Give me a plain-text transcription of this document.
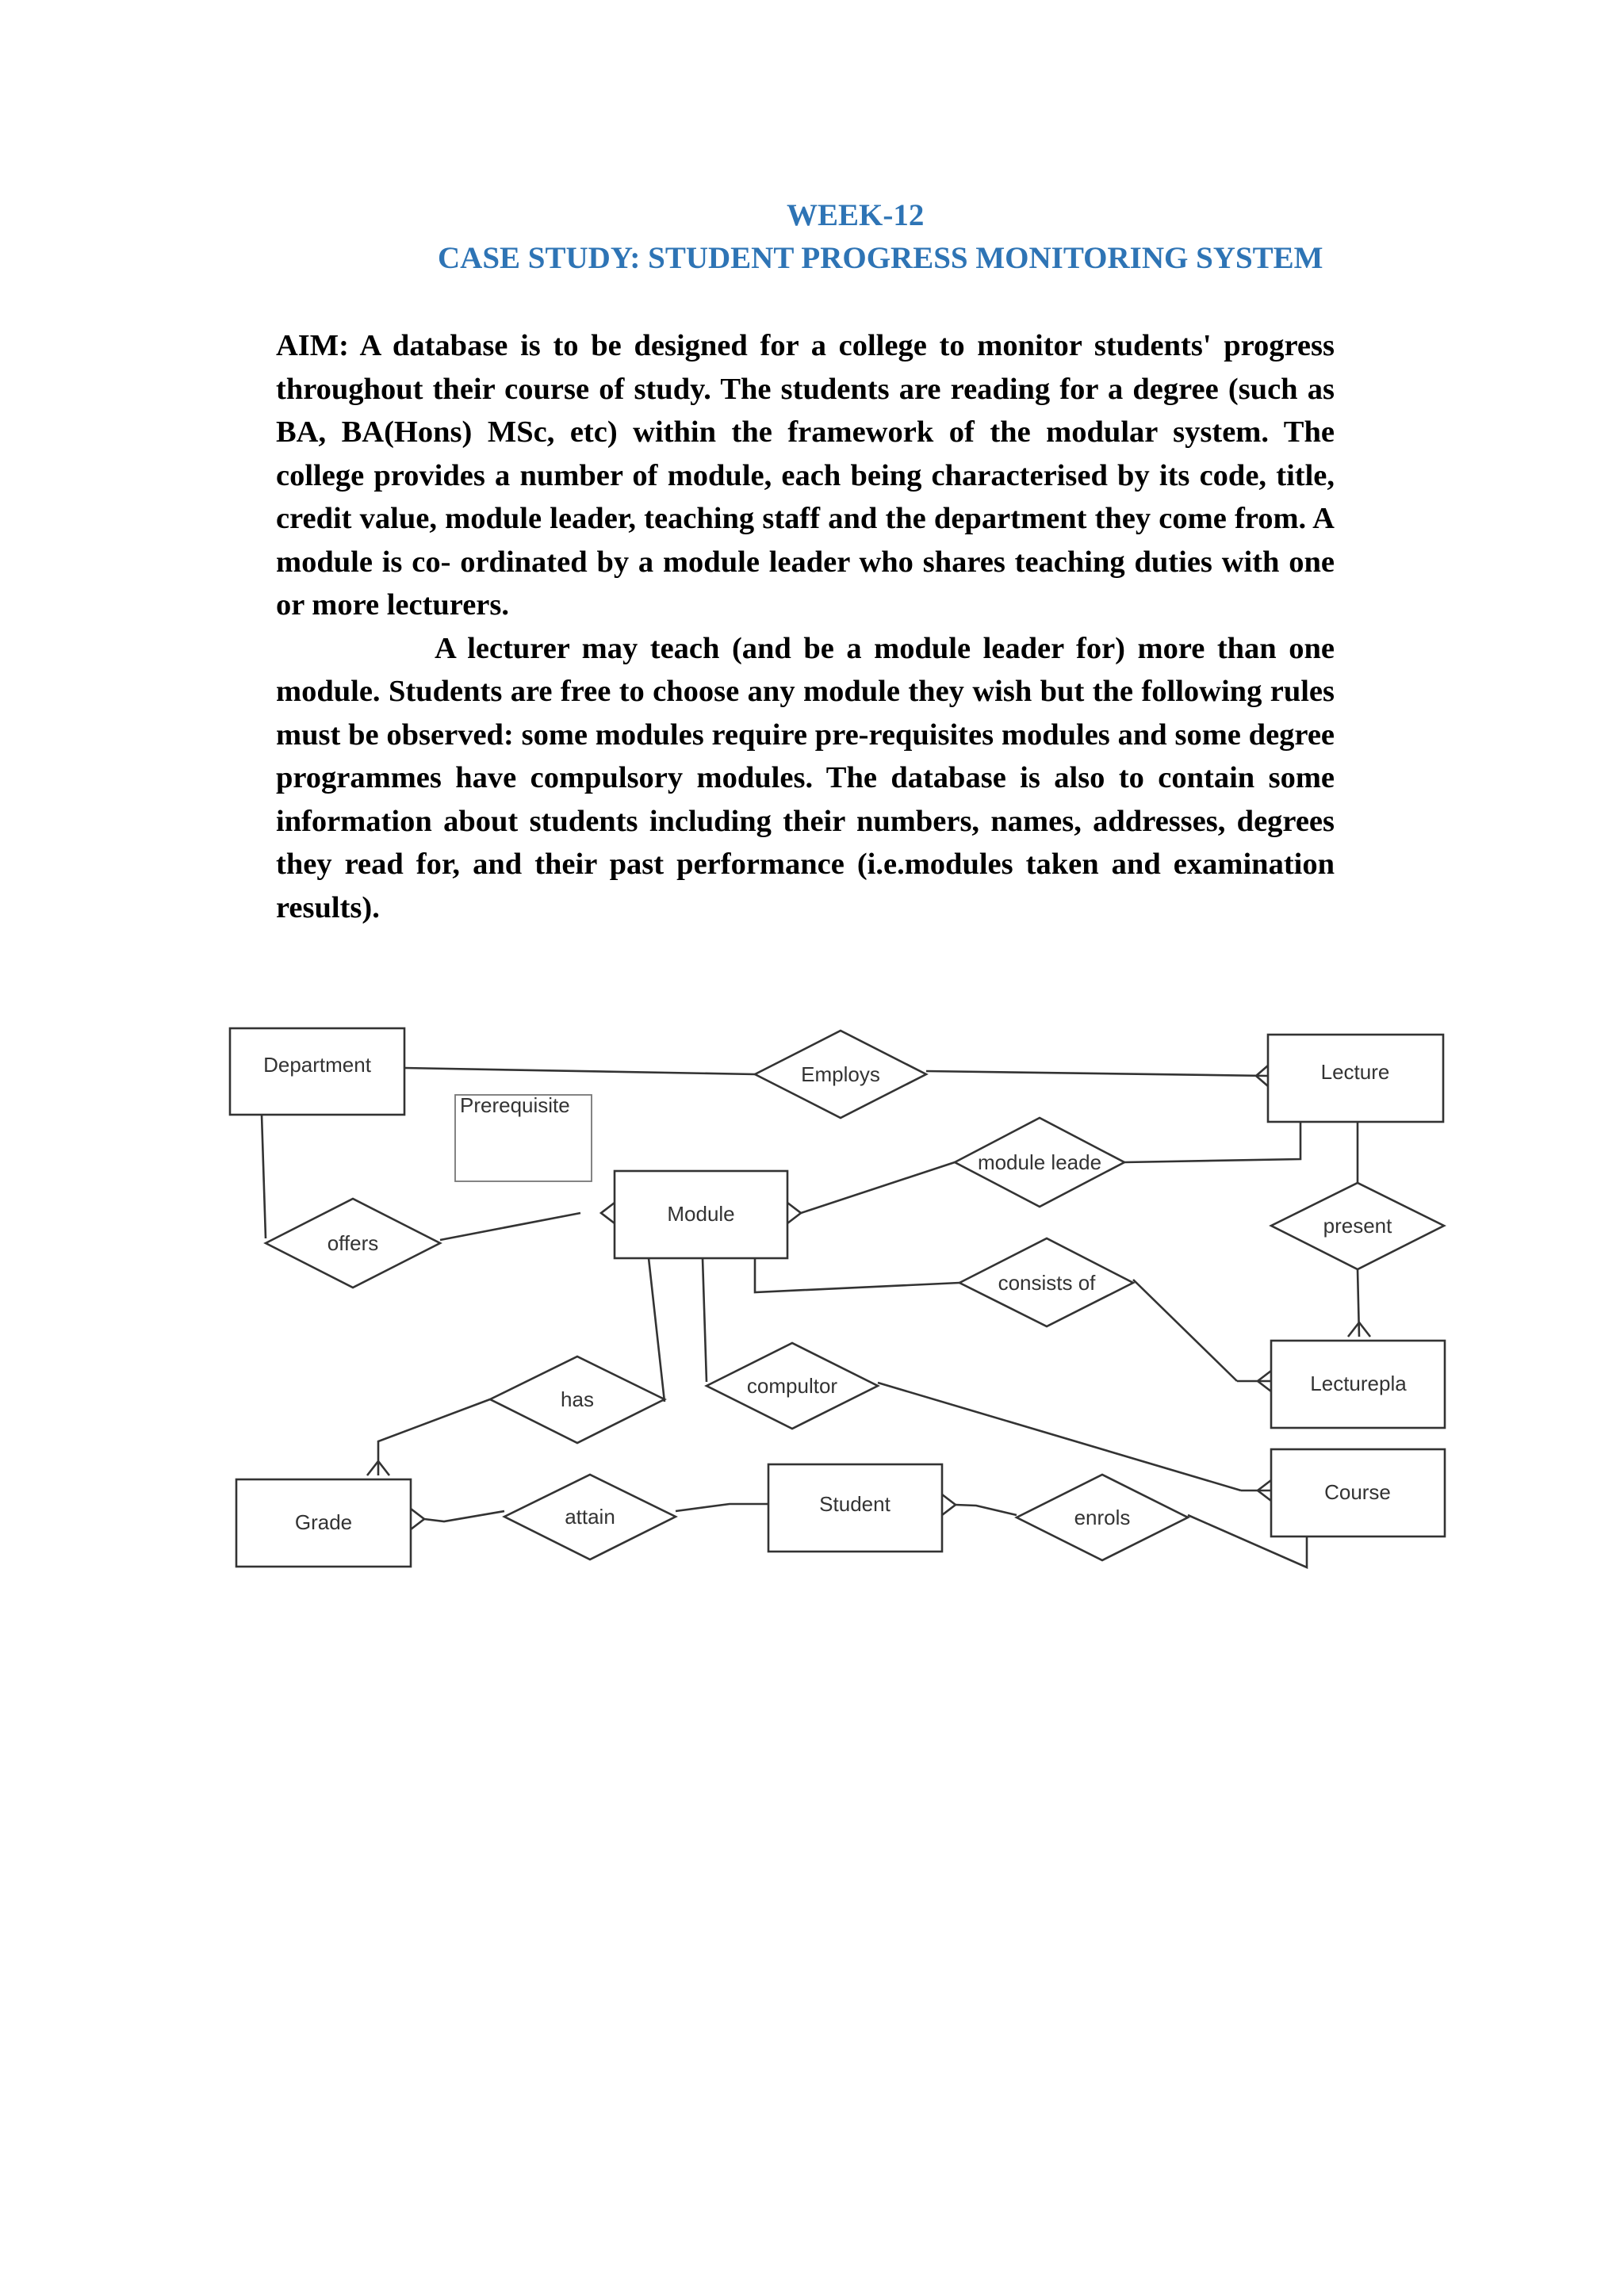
WEEK-12
CASE STUDY: STUDENT PROGRESS MONITORING SYSTEM

AIM: A database is to be designed for a college to monitor students' progress throughout their course of study. The students are reading for a degree (such as BA, BA(Hons) MSc, etc) within the framework of the modular system. The college provides a number of module, each being characterised by its code, title, credit value, module leader, teaching staff and the department they come from. A module is co- ordinated by a module leader who shares teaching duties with one or more lecturers.

A lecturer may teach (and be a module leader for) more than one module. Students are free to choose any module they wish but the following rules must be observed: some modules require pre-requisites modules and some degree programmes have compulsory modules. The database is also to contain some information about students including their numbers, names, addresses, degrees they read for, and their past performance (i.e.modules taken and examination results).

Department	Lecture
Prerequisite
Module
Lecturepla
Grade
Student	Course
Employs
module leade
offers
present
consists of
has
compultor
attain	enrols
